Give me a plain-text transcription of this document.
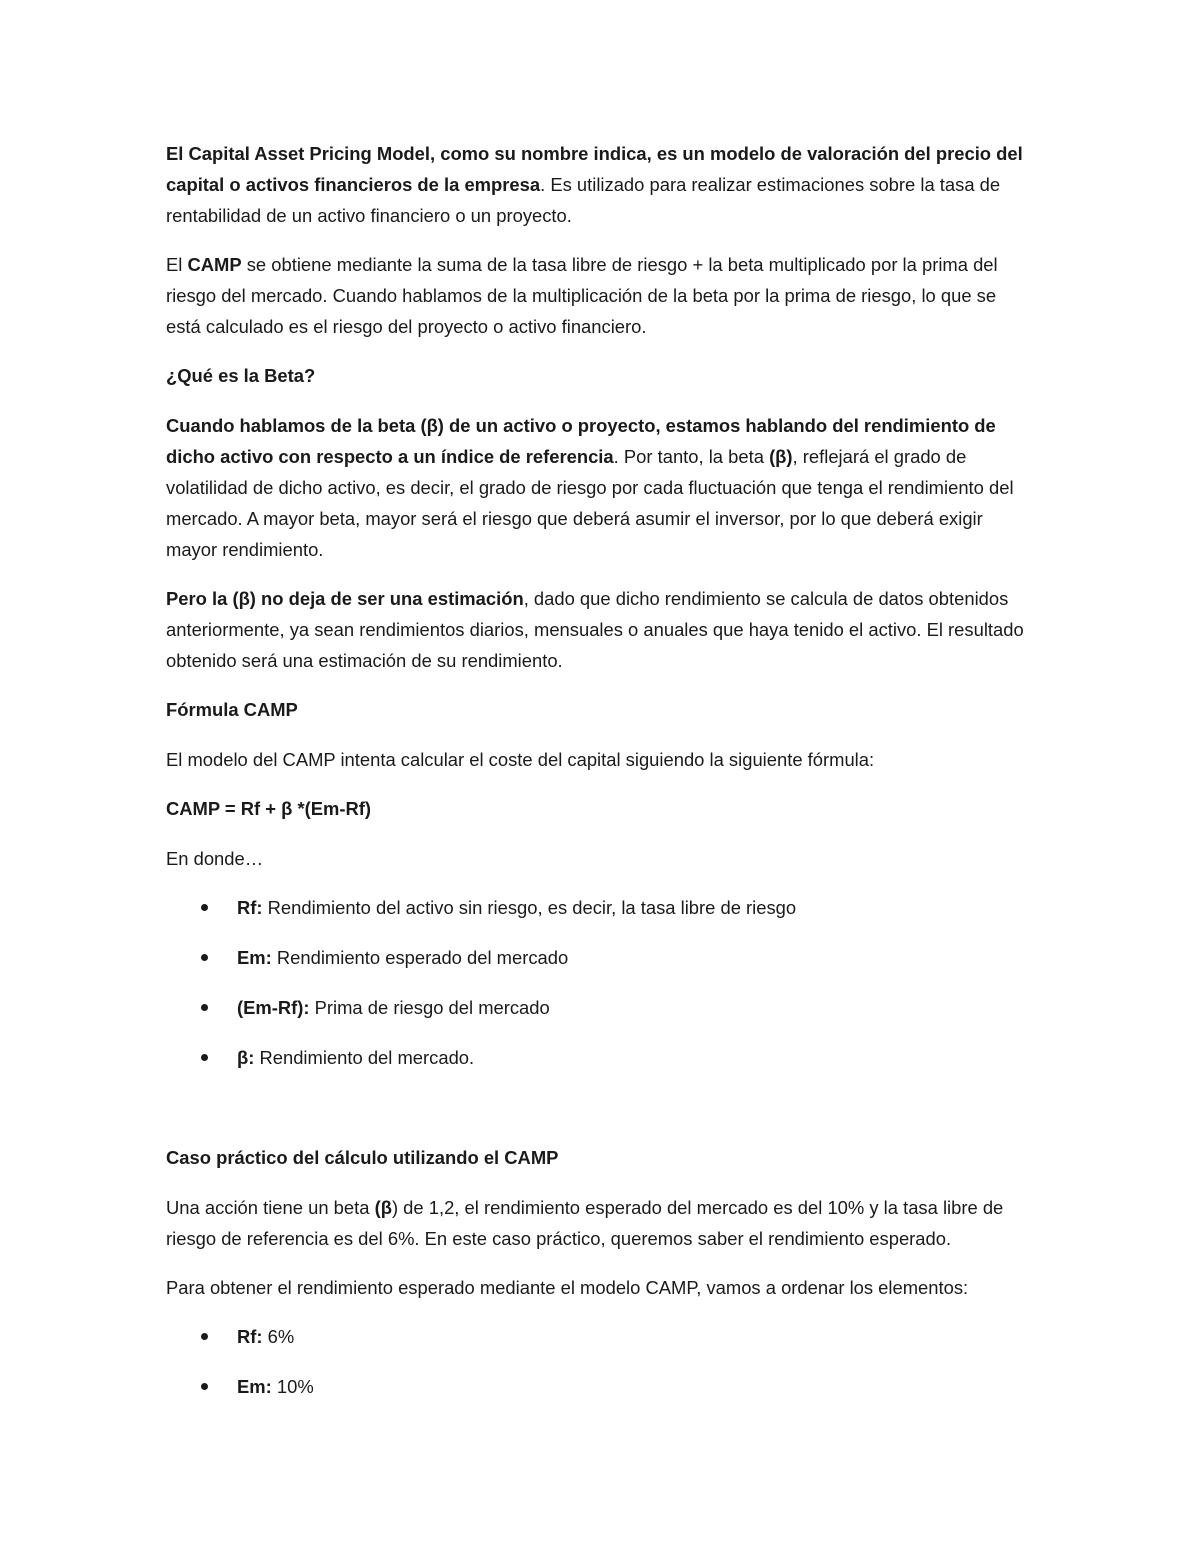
El Capital Asset Pricing Model, como su nombre indica, es un modelo de valoración del precio del capital o activos financieros de la empresa. Es utilizado para realizar estimaciones sobre la tasa de rentabilidad de un activo financiero o un proyecto.

El CAMP se obtiene mediante la suma de la tasa libre de riesgo + la beta multiplicado por la prima del riesgo del mercado. Cuando hablamos de la multiplicación de la beta por la prima de riesgo, lo que se está calculado es el riesgo del proyecto o activo financiero.

¿Qué es la Beta?

Cuando hablamos de la beta (β) de un activo o proyecto, estamos hablando del rendimiento de dicho activo con respecto a un índice de referencia. Por tanto, la beta (β), reflejará el grado de volatilidad de dicho activo, es decir, el grado de riesgo por cada fluctuación que tenga el rendimiento del mercado. A mayor beta, mayor será el riesgo que deberá asumir el inversor, por lo que deberá exigir mayor rendimiento.

Pero la (β) no deja de ser una estimación, dado que dicho rendimiento se calcula de datos obtenidos anteriormente, ya sean rendimientos diarios, mensuales o anuales que haya tenido el activo. El resultado obtenido será una estimación de su rendimiento.

Fórmula CAMP

El modelo del CAMP intenta calcular el coste del capital siguiendo la siguiente fórmula:

CAMP = Rf + β *(Em-Rf)

En donde…

Rf: Rendimiento del activo sin riesgo, es decir, la tasa libre de riesgo
Em: Rendimiento esperado del mercado
(Em-Rf): Prima de riesgo del mercado
β: Rendimiento del mercado.

Caso práctico del cálculo utilizando el CAMP

Una acción tiene un beta (β) de 1,2, el rendimiento esperado del mercado es del 10% y la tasa libre de riesgo de referencia es del 6%. En este caso práctico, queremos saber el rendimiento esperado.

Para obtener el rendimiento esperado mediante el modelo CAMP, vamos a ordenar los elementos:

Rf: 6%
Em: 10%
